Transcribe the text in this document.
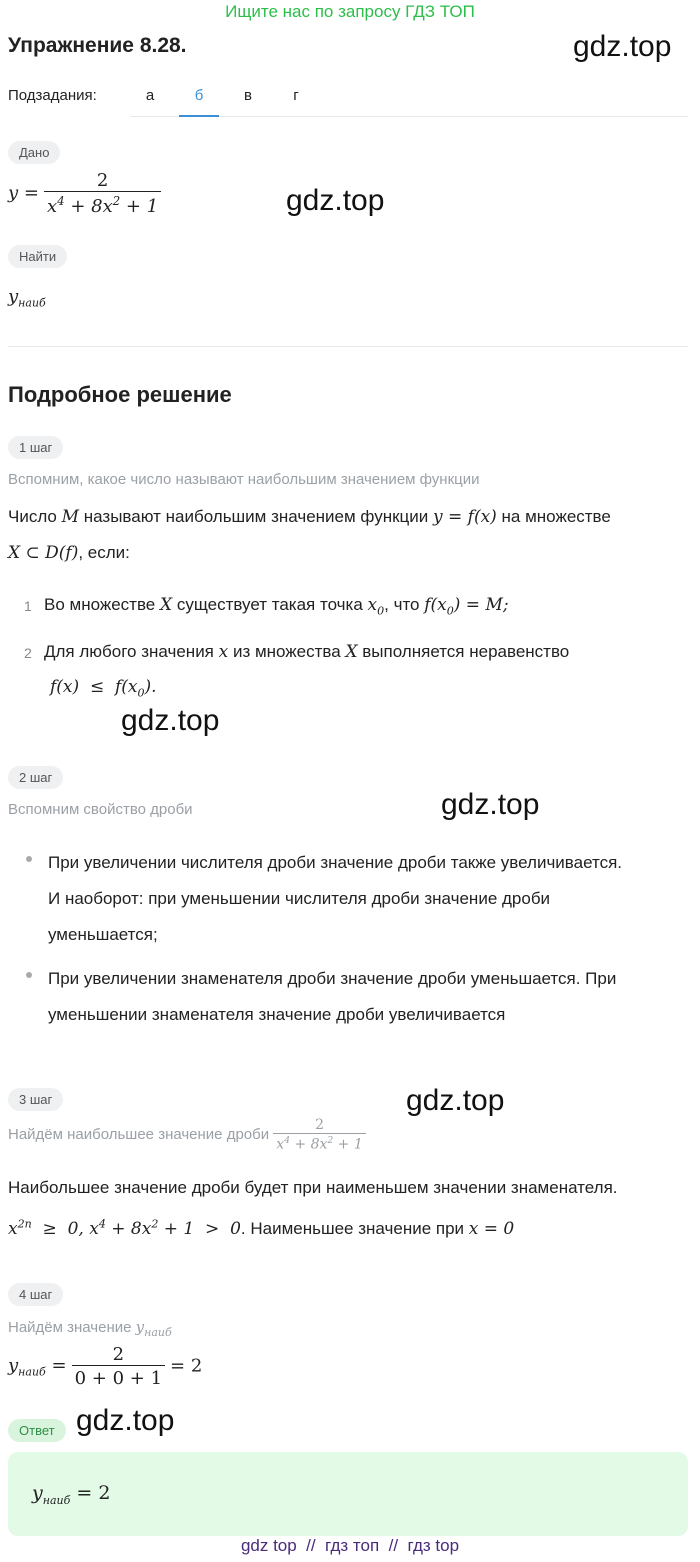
Ищите нас по запросу ГДЗ ТОП
Упражнение 8.28.	gdz.top
Подзадания:	а	б	в	г
Дано
$y = \frac{2}{x^4 + 8x^2 + 1}$	gdz.top
Найти
$y_{наиб}$
Подробное решение
1 шаг
Вспомним, какое число называют наибольшим значением функции
Число M называют наибольшим значением функции y = f(x) на множестве
X ⊂ D(f), если:
1 Во множестве X существует такая точка $x_0$, что $f(x_0) = M$;
2 Для любого значения x из множества X выполняется неравенство
$f(x) \le f(x_0)$.
gdz.top
2 шаг
Вспомним свойство дроби	gdz.top
При увеличении числителя дроби значение дроби также увеличивается.
И наоборот: при уменьшении числителя дроби значение дроби
уменьшается;
При увеличении знаменателя дроби значение дроби уменьшается. При
уменьшении знаменателя значение дроби увеличивается
3 шаг	gdz.top
Найдём наибольшее значение дроби $\frac{2}{x^4 + 8x^2 + 1}$
Наибольшее значение дроби будет при наименьшем значении знаменателя.
$x^{2n} \ge 0$, $x^4 + 8x^2 + 1 > 0$. Наименьшее значение при x = 0
4 шаг
Найдём значение $y_{наиб}$
$y_{наиб} = \frac{2}{0 + 0 + 1} = 2$
Ответ gdz.top
$y_{наиб} = 2$
gdz top  //  гдз топ  //  гдз top
